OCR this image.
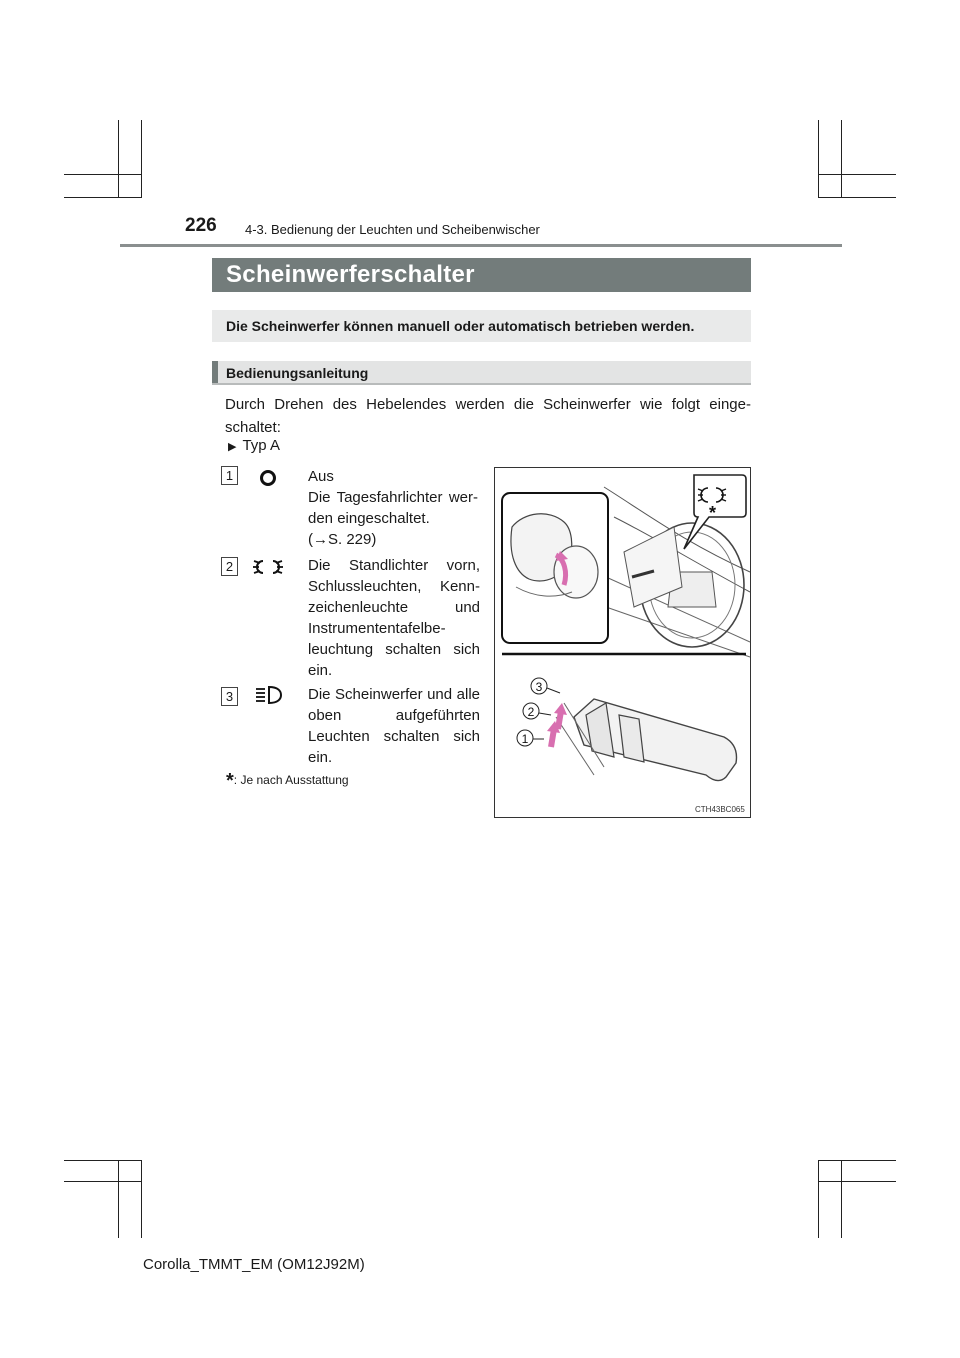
226 4-3. Bedienung der Leuchten und Scheibenwischer
Scheinwerferschalter
Die Scheinwerfer können manuell oder automatisch betrieben werden.
Bedienungsanleitung
Durch Drehen des Hebelendes werden die Scheinwerfer wie folgt eingeschaltet:
▶ Typ A
1	Aus
Die Tagesfahrlichter wer-den eingeschaltet.
(→S. 229)
2	Die Standlichter vorn, Schlussleuchten, Kenn-zeichenleuchte und Instrumententafelbe-leuchtung schalten sich ein.
3	Die Scheinwerfer und alle oben aufgeführten Leuchten schalten sich ein.
*: Je nach Ausstattung
*
3
2
1
CTH43BC065
Corolla_TMMT_EM (OM12J92M)
